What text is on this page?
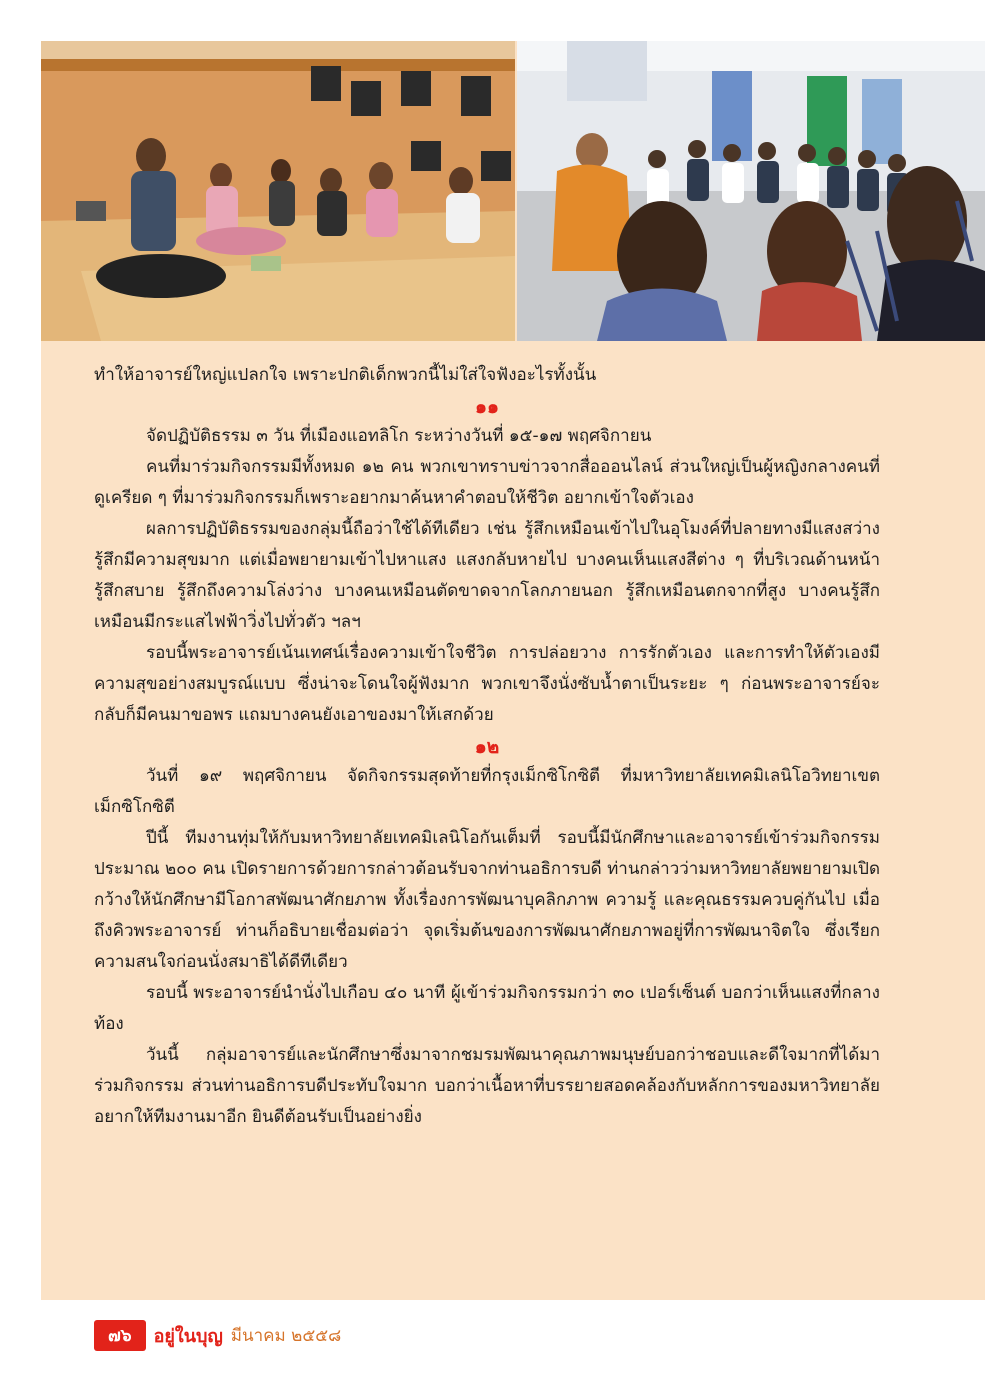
ทำให้อาจารย์ใหญ่แปลกใจ เพราะปกติเด็กพวกนี้ไม่ใส่ใจฟังอะไรทั้งนั้น

๑๑

จัดปฏิบัติธรรม ๓ วัน ที่เมืองแอทลิโก ระหว่างวันที่ ๑๕-๑๗ พฤศจิกายน

คนที่มาร่วมกิจกรรมมีทั้งหมด ๑๒ คน พวกเขาทราบข่าวจากสื่อออนไลน์ ส่วนใหญ่เป็นผู้หญิงกลางคนที่ดูเครียด ๆ ที่มาร่วมกิจกรรมก็เพราะอยากมาค้นหาคำตอบให้ชีวิต อยากเข้าใจตัวเอง

ผลการปฏิบัติธรรมของกลุ่มนี้ถือว่าใช้ได้ทีเดียว เช่น รู้สึกเหมือนเข้าไปในอุโมงค์ที่ปลายทางมีแสงสว่าง รู้สึกมีความสุขมาก แต่เมื่อพยายามเข้าไปหาแสง แสงกลับหายไป บางคนเห็นแสงสีต่าง ๆ ที่บริเวณด้านหน้า รู้สึกสบาย รู้สึกถึงความโล่งว่าง บางคนเหมือนตัดขาดจากโลกภายนอก รู้สึกเหมือนตกจากที่สูง บางคนรู้สึกเหมือนมีกระแสไฟฟ้าวิ่งไปทั่วตัว ฯลฯ

รอบนี้พระอาจารย์เน้นเทศน์เรื่องความเข้าใจชีวิต การปล่อยวาง การรักตัวเอง และการทำให้ตัวเองมีความสุขอย่างสมบูรณ์แบบ ซึ่งน่าจะโดนใจผู้ฟังมาก พวกเขาจึงนั่งซับน้ำตาเป็นระยะ ๆ ก่อนพระอาจารย์จะกลับก็มีคนมาขอพร แถมบางคนยังเอาของมาให้เสกด้วย

๑๒

วันที่ ๑๙ พฤศจิกายน จัดกิจกรรมสุดท้ายที่กรุงเม็กซิโกซิตี ที่มหาวิทยาลัยเทคมิเลนิโอวิทยาเขตเม็กซิโกซิตี

ปีนี้ ทีมงานทุ่มให้กับมหาวิทยาลัยเทคมิเลนิโอกันเต็มที่ รอบนี้มีนักศึกษาและอาจารย์เข้าร่วมกิจกรรมประมาณ ๒๐๐ คน เปิดรายการด้วยการกล่าวต้อนรับจากท่านอธิการบดี ท่านกล่าวว่ามหาวิทยาลัยพยายามเปิดกว้างให้นักศึกษามีโอกาสพัฒนาศักยภาพ ทั้งเรื่องการพัฒนาบุคลิกภาพ ความรู้ และคุณธรรมควบคู่กันไป เมื่อถึงคิวพระอาจารย์ ท่านก็อธิบายเชื่อมต่อว่า จุดเริ่มต้นของการพัฒนาศักยภาพอยู่ที่การพัฒนาจิตใจ ซึ่งเรียกความสนใจก่อนนั่งสมาธิได้ดีทีเดียว

รอบนี้ พระอาจารย์นำนั่งไปเกือบ ๔๐ นาที ผู้เข้าร่วมกิจกรรมกว่า ๓๐ เปอร์เซ็นต์ บอกว่าเห็นแสงที่กลางท้อง

วันนี้ กลุ่มอาจารย์และนักศึกษาซึ่งมาจากชมรมพัฒนาคุณภาพมนุษย์บอกว่าชอบและดีใจมากที่ได้มาร่วมกิจกรรม ส่วนท่านอธิการบดีประทับใจมาก บอกว่าเนื้อหาที่บรรยายสอดคล้องกับหลักการของมหาวิทยาลัย อยากให้ทีมงานมาอีก ยินดีต้อนรับเป็นอย่างยิ่ง

๗๖	อยู่ในบุญ มีนาคม ๒๕๕๘
